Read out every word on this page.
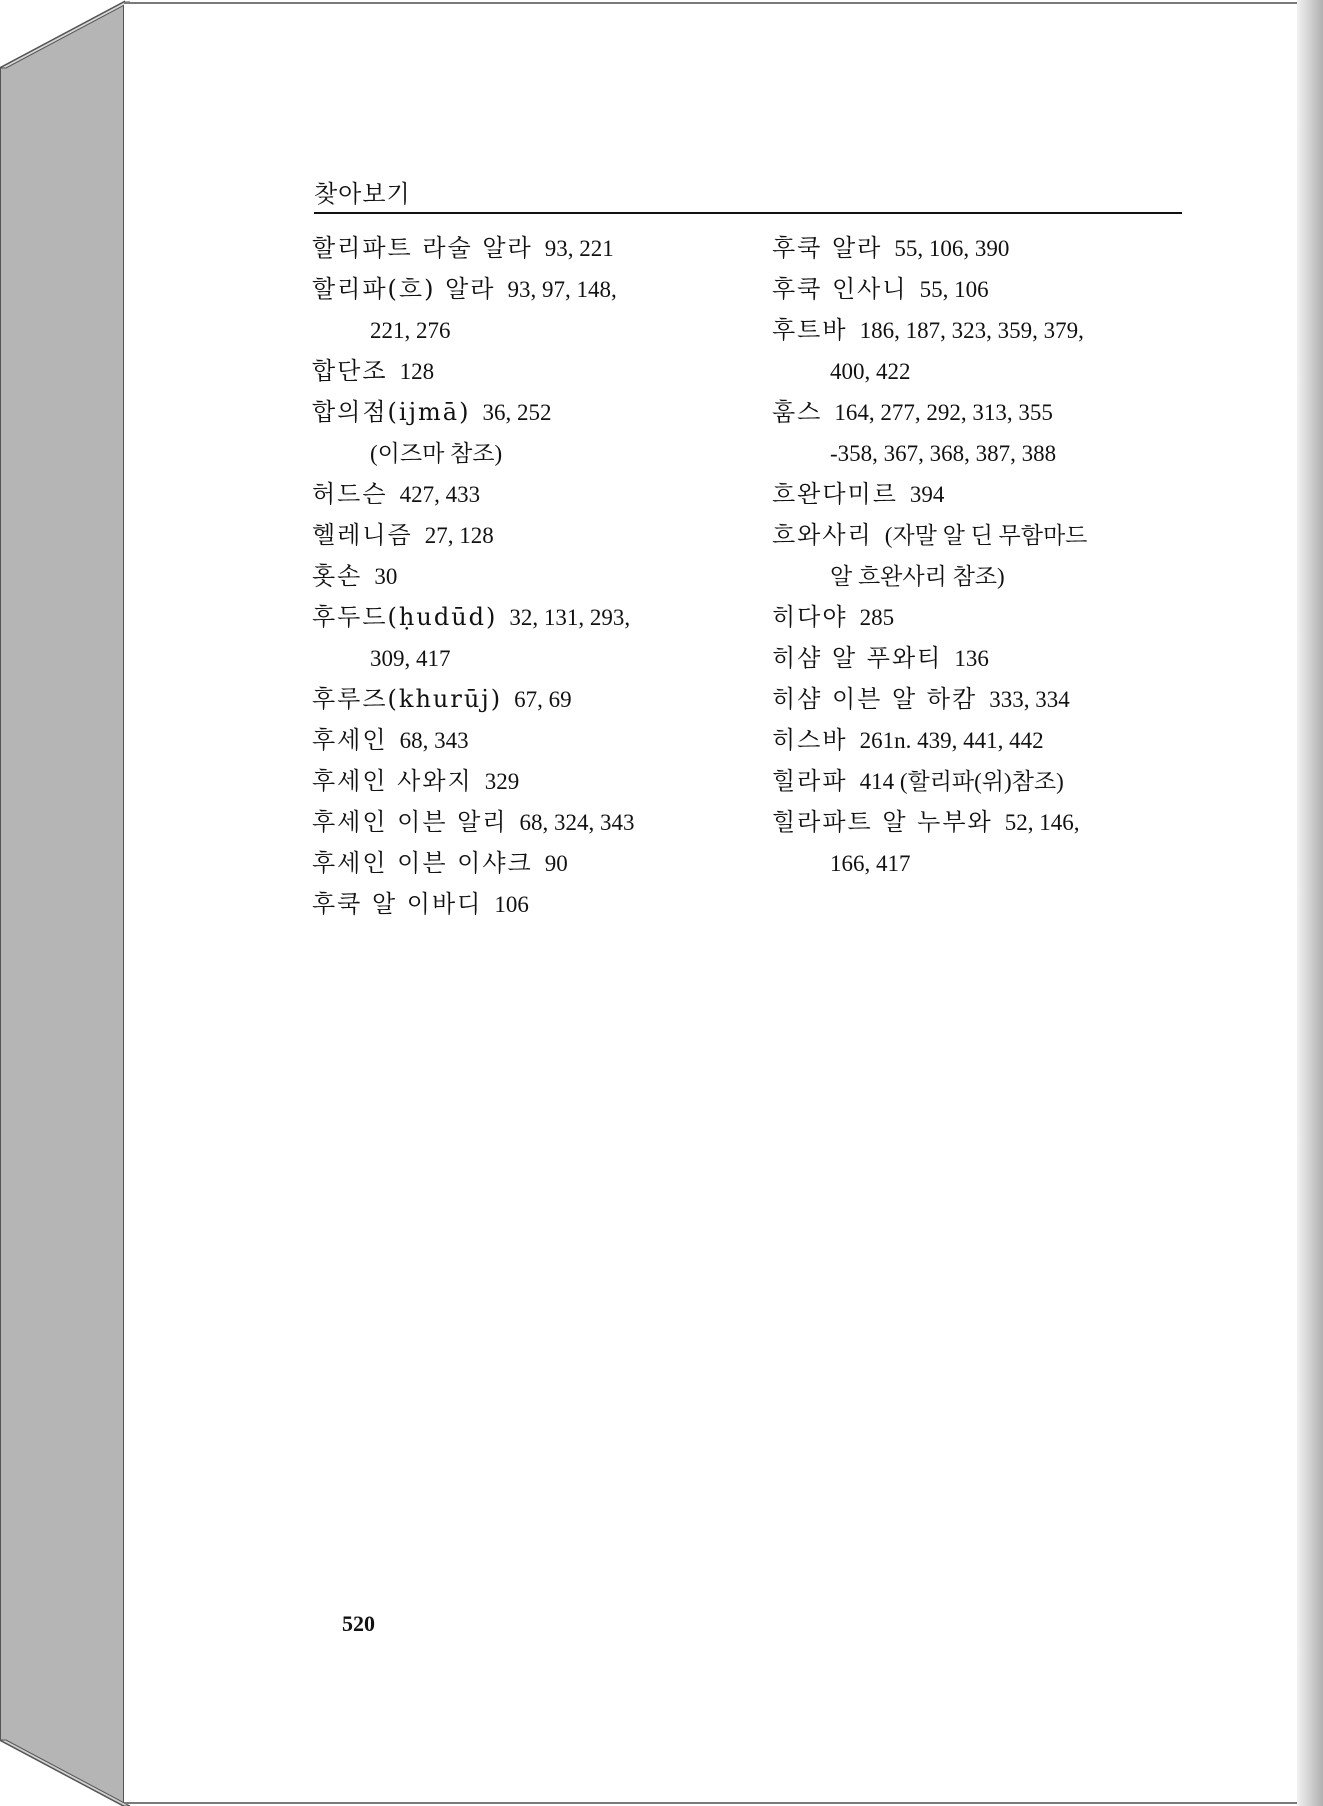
찾아보기
할리파트 라술 알라 93, 221
할리파(흐) 알라 93, 97, 148,
221, 276
합단조 128
합의점(ijmā) 36, 252
(이즈마 참조)
허드슨 427, 433
헬레니즘 27, 128
홋손 30
후두드(ḥudūd) 32, 131, 293,
309, 417
후루즈(khurūj) 67, 69
후세인 68, 343
후세인 사와지 329
후세인 이븐 알리 68, 324, 343
후세인 이븐 이샤크 90
후쿡 알 이바디 106
후쿡 알라 55, 106, 390
후쿡 인사니 55, 106
후트바 186, 187, 323, 359, 379,
400, 422
훔스 164, 277, 292, 313, 355
-358, 367, 368, 387, 388
흐완다미르 394
흐와사리 (자말 알 딘 무함마드
알 흐완사리 참조)
히다야 285
히샴 알 푸와티 136
히샴 이븐 알 하캄 333, 334
히스바 261n. 439, 441, 442
힐라파 414 (할리파(위)참조)
힐라파트 알 누부와 52, 146,
166, 417
520
